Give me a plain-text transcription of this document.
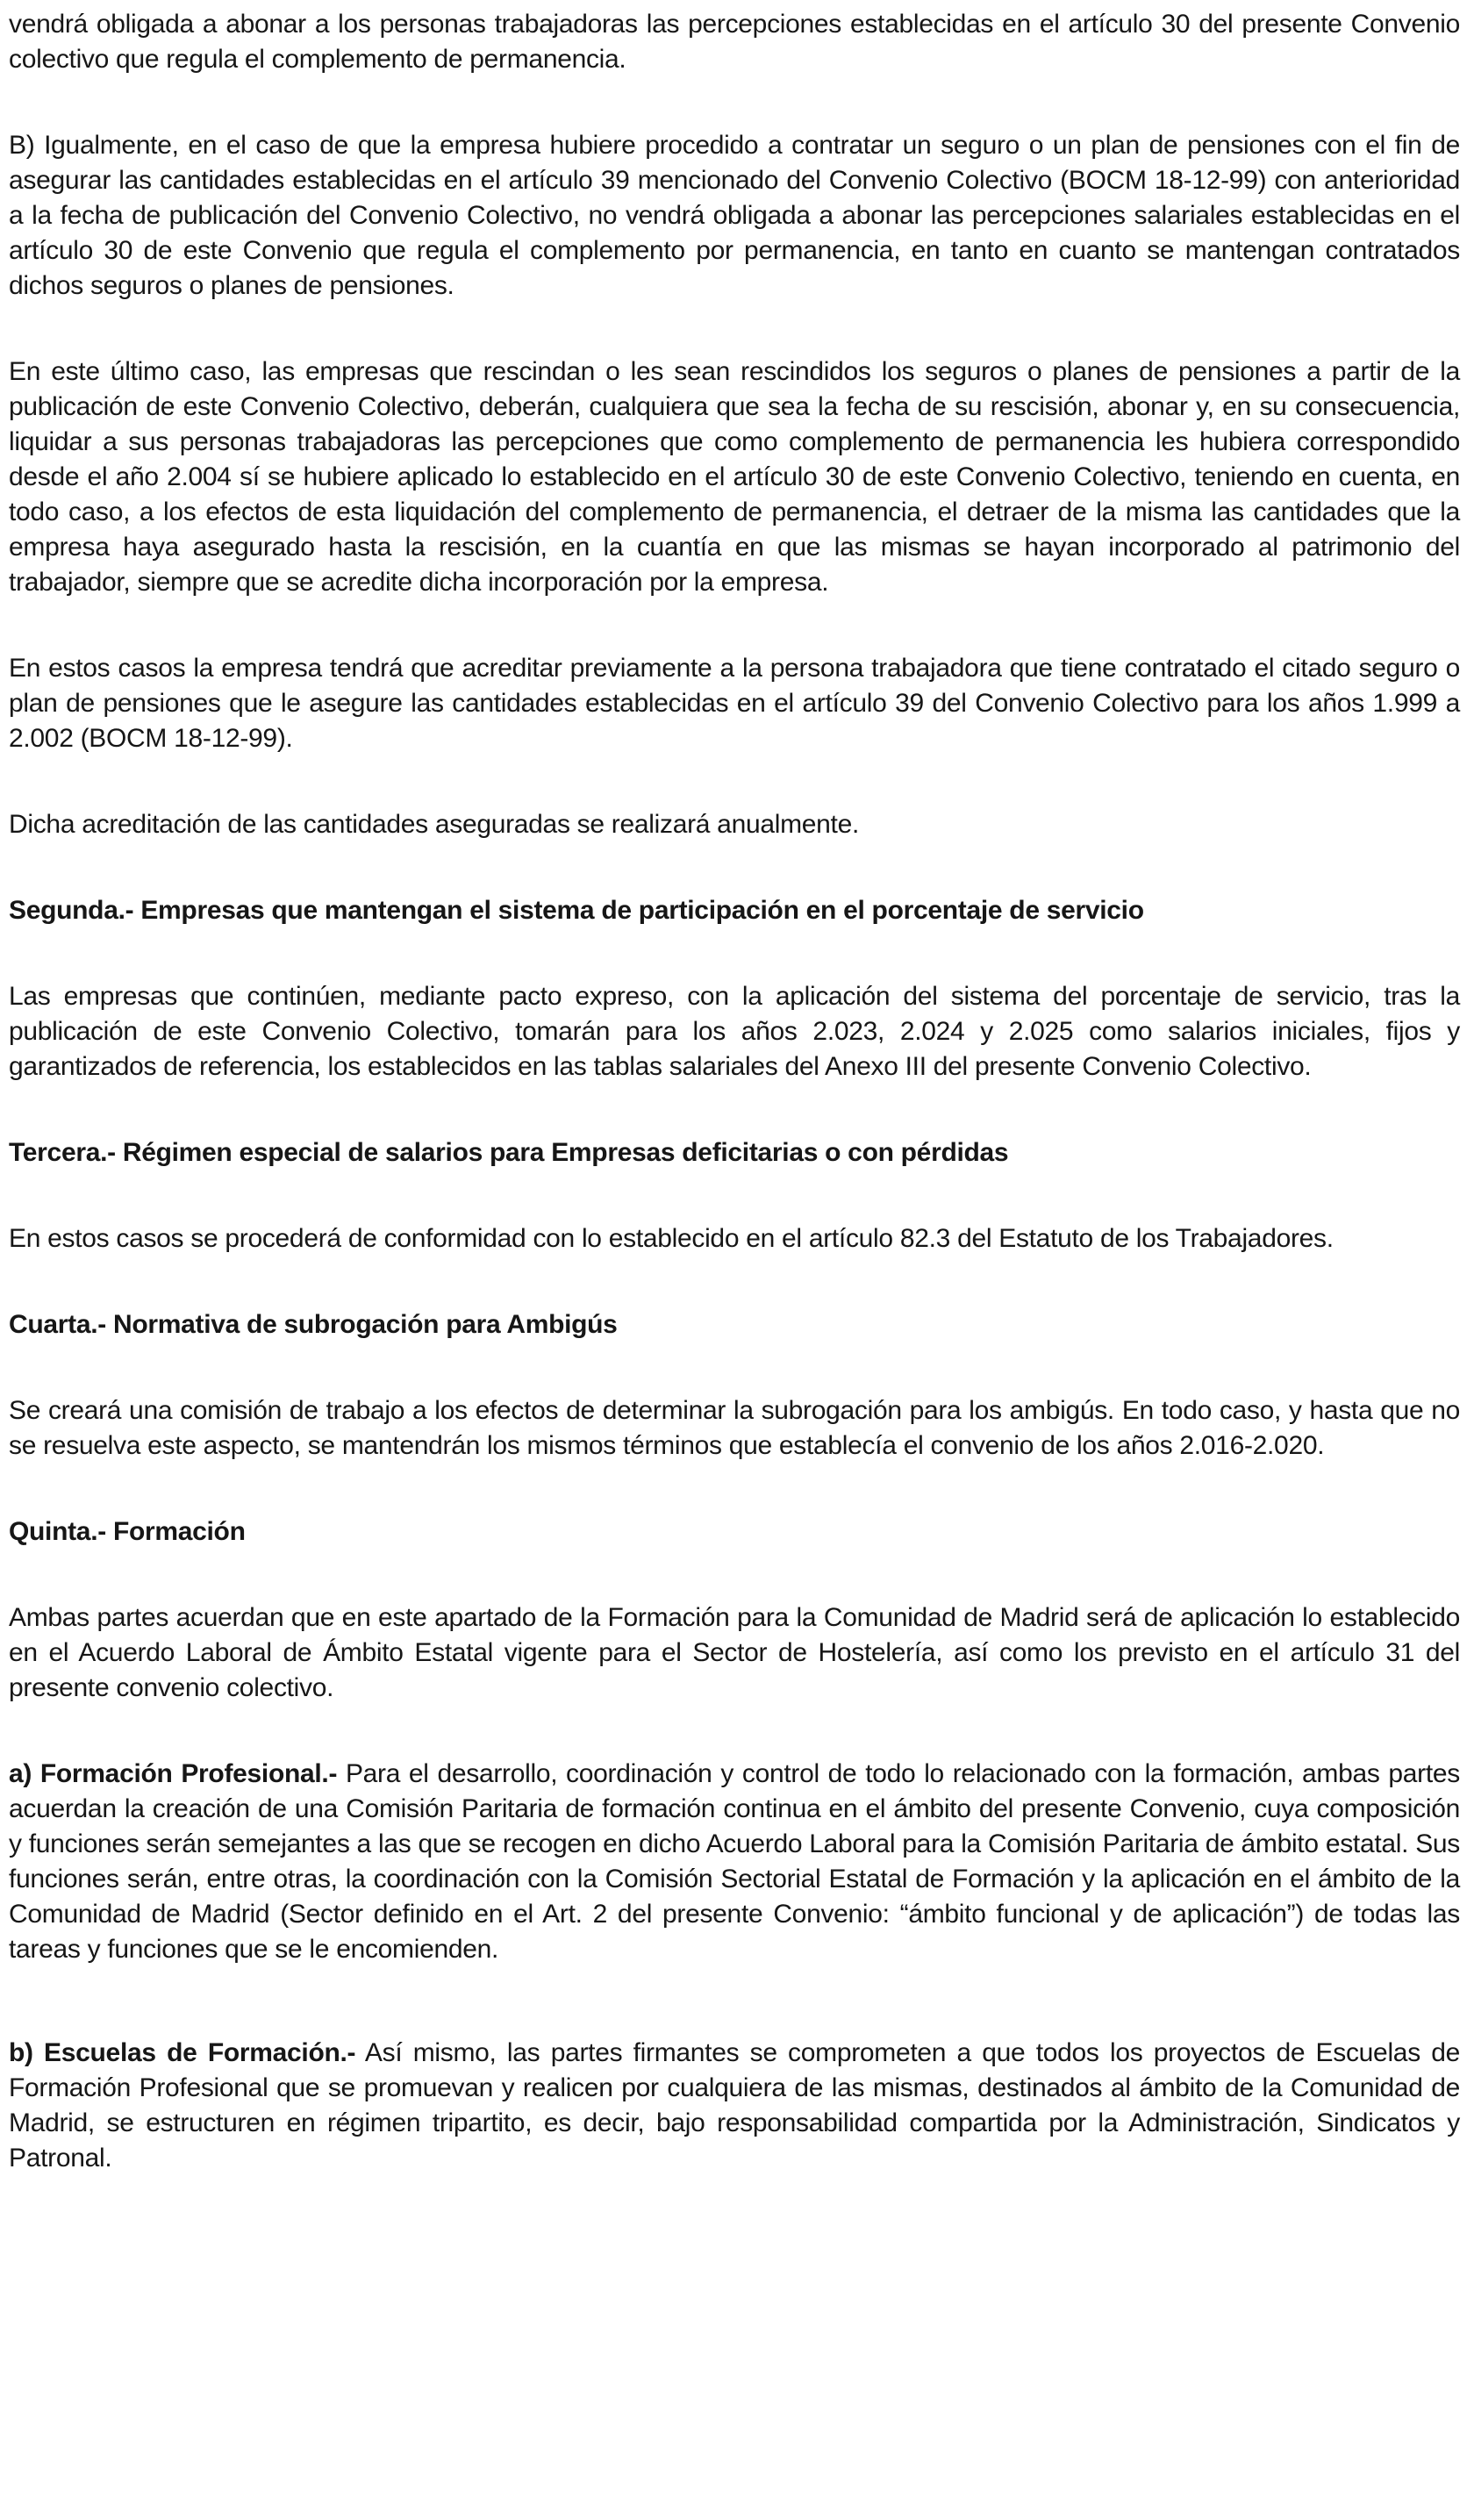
vendrá obligada a abonar a los personas trabajadoras las percepciones establecidas en el artículo 30 del presente Convenio colectivo que regula el complemento de permanencia.

B) Igualmente, en el caso de que la empresa hubiere procedido a contratar un seguro o un plan de pensiones con el fin de asegurar las cantidades establecidas en el artículo 39 mencionado del Convenio Colectivo (BOCM 18-12-99) con anterioridad a la fecha de publicación del Convenio Colectivo, no vendrá obligada a abonar las percepciones salariales establecidas en el artículo 30 de este Convenio que regula el complemento por permanencia, en tanto en cuanto se mantengan contratados dichos seguros o planes de pensiones.

En este último caso, las empresas que rescindan o les sean rescindidos los seguros o planes de pensiones a partir de la publicación de este Convenio Colectivo, deberán, cualquiera que sea la fecha de su rescisión, abonar y, en su consecuencia, liquidar a sus personas trabajadoras las percepciones que como complemento de permanencia les hubiera correspondido desde el año 2.004 sí se hubiere aplicado lo establecido en el artículo 30 de este Convenio Colectivo, teniendo en cuenta, en todo caso, a los efectos de esta liquidación del complemento de permanencia, el detraer de la misma las cantidades que la empresa haya asegurado hasta la rescisión, en la cuantía en que las mismas se hayan incorporado al patrimonio del trabajador, siempre que se acredite dicha incorporación por la empresa.

En estos casos la empresa tendrá que acreditar previamente a la persona trabajadora que tiene contratado el citado seguro o plan de pensiones que le asegure las cantidades establecidas en el artículo 39 del Convenio Colectivo para los años 1.999 a 2.002 (BOCM 18-12-99).

Dicha acreditación de las cantidades aseguradas se realizará anualmente.

Segunda.- Empresas que mantengan el sistema de participación en el porcentaje de servicio

Las empresas que continúen, mediante pacto expreso, con la aplicación del sistema del porcentaje de servicio, tras la publicación de este Convenio Colectivo, tomarán para los años 2.023, 2.024 y 2.025 como salarios iniciales, fijos y garantizados de referencia, los establecidos en las tablas salariales del Anexo III del presente Convenio Colectivo.

Tercera.- Régimen especial de salarios para Empresas deficitarias o con pérdidas

En estos casos se procederá de conformidad con lo establecido en el artículo 82.3 del Estatuto de los Trabajadores.

Cuarta.- Normativa de subrogación para Ambigús

Se creará una comisión de trabajo a los efectos de determinar la subrogación para los ambigús. En todo caso, y hasta que no se resuelva este aspecto, se mantendrán los mismos términos que establecía el convenio de los años 2.016-2.020.

Quinta.- Formación

Ambas partes acuerdan que en este apartado de la Formación para la Comunidad de Madrid será de aplicación lo establecido en el Acuerdo Laboral de Ámbito Estatal vigente para el Sector de Hostelería, así como los previsto en el artículo 31 del presente convenio colectivo.

a) Formación Profesional.- Para el desarrollo, coordinación y control de todo lo relacionado con la formación, ambas partes acuerdan la creación de una Comisión Paritaria de formación continua en el ámbito del presente Convenio, cuya composición y funciones serán semejantes a las que se recogen en dicho Acuerdo Laboral para la Comisión Paritaria de ámbito estatal. Sus funciones serán, entre otras, la coordinación con la Comisión Sectorial Estatal de Formación y la aplicación en el ámbito de la Comunidad de Madrid (Sector definido en el Art. 2 del presente Convenio: “ámbito funcional y de aplicación”) de todas las tareas y funciones que se le encomienden.

b) Escuelas de Formación.- Así mismo, las partes firmantes se comprometen a que todos los proyectos de Escuelas de Formación Profesional que se promuevan y realicen por cualquiera de las mismas, destinados al ámbito de la Comunidad de Madrid, se estructuren en régimen tripartito, es decir, bajo responsabilidad compartida por la Administración, Sindicatos y Patronal.
